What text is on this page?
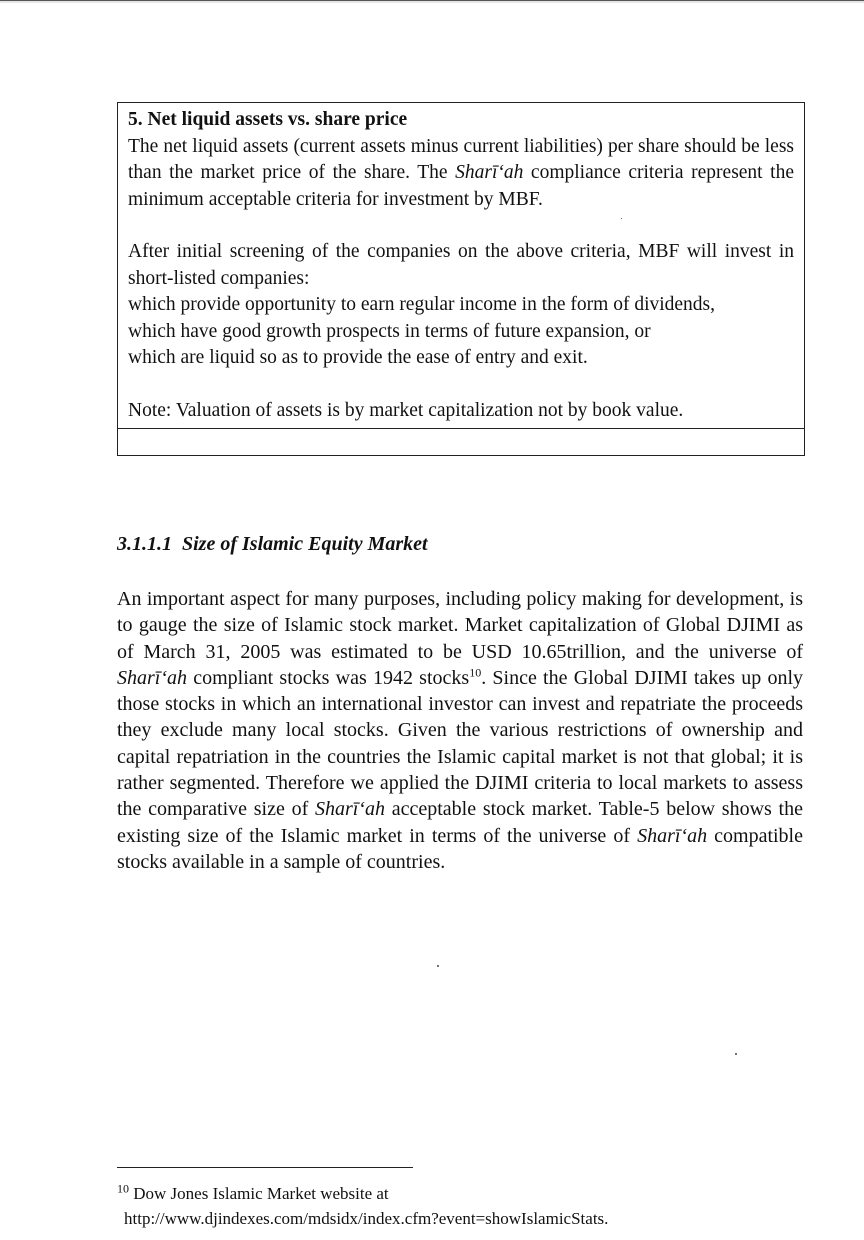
5. Net liquid assets vs. share price

The net liquid assets (current assets minus current liabilities) per share should be less than the market price of the share. The Sharī‘ah compliance criteria represent the minimum acceptable criteria for investment by MBF.

After initial screening of the companies on the above criteria, MBF will invest in short-listed companies:

which provide opportunity to earn regular income in the form of dividends,

which have good growth prospects in terms of future expansion, or

which are liquid so as to provide the ease of entry and exit.

Note: Valuation of assets is by market capitalization not by book value.

3.1.1.1 Size of Islamic Equity Market

An important aspect for many purposes, including policy making for development, is to gauge the size of Islamic stock market. Market capitalization of Global DJIMI as of March 31, 2005 was estimated to be USD 10.65trillion, and the universe of Sharī‘ah compliant stocks was 1942 stocks$^{10}$. Since the Global DJIMI takes up only those stocks in which an international investor can invest and repatriate the proceeds they exclude many local stocks. Given the various restrictions of ownership and capital repatriation in the countries the Islamic capital market is not that global; it is rather segmented. Therefore we applied the DJIMI criteria to local markets to assess the comparative size of Sharī‘ah acceptable stock market. Table-5 below shows the existing size of the Islamic market in terms of the universe of Sharī‘ah compatible stocks available in a sample of countries.

$^{10}$ Dow Jones Islamic Market website at
http://www.djindexes.com/mdsidx/index.cfm?event=showIslamicStats.
